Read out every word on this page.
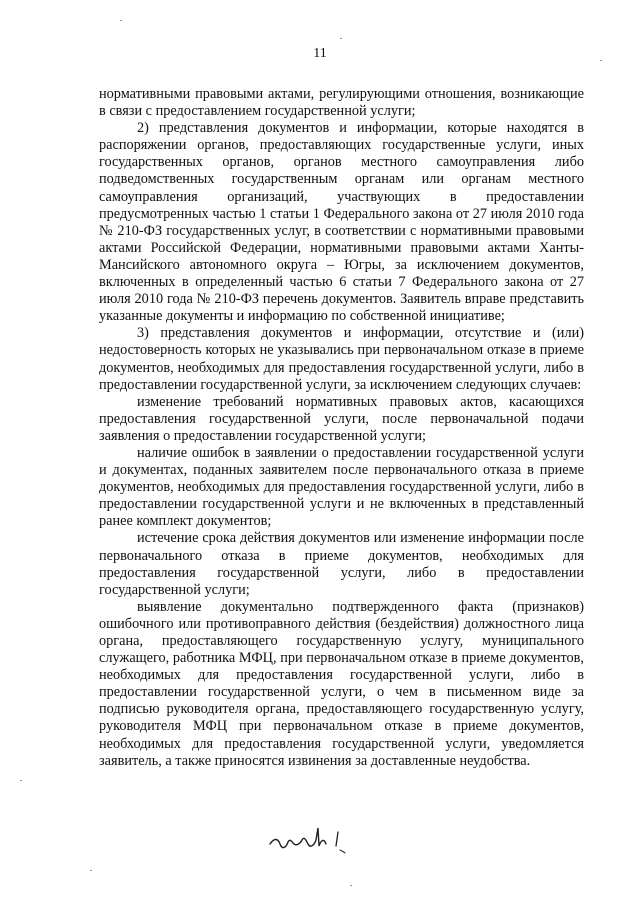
11

нормативными правовыми актами, регулирующими отношения, возникающие в связи с предоставлением государственной услуги;

2) представления документов и информации, которые находятся в распоряжении органов, предоставляющих государственные услуги, иных государственных органов, органов местного самоуправления либо подведомственных государственным органам или органам местного самоуправления организаций, участвующих в предоставлении предусмотренных частью 1 статьи 1 Федерального закона от 27 июля 2010 года № 210-ФЗ государственных услуг, в соответствии с нормативными правовыми актами Российской Федерации, нормативными правовыми актами Ханты-Мансийского автономного округа – Югры, за исключением документов, включенных в определенный частью 6 статьи 7 Федерального закона от 27 июля 2010 года № 210-ФЗ перечень документов. Заявитель вправе представить указанные документы и информацию по собственной инициативе;

3) представления документов и информации, отсутствие и (или) недостоверность которых не указывались при первоначальном отказе в приеме документов, необходимых для предоставления государственной услуги, либо в предоставлении государственной услуги, за исключением следующих случаев:

изменение требований нормативных правовых актов, касающихся предоставления государственной услуги, после первоначальной подачи заявления о предоставлении государственной услуги;

наличие ошибок в заявлении о предоставлении государственной услуги и документах, поданных заявителем после первоначального отказа в приеме документов, необходимых для предоставления государственной услуги, либо в предоставлении государственной услуги и не включенных в представленный ранее комплект документов;

истечение срока действия документов или изменение информации после первоначального отказа в приеме документов, необходимых для предоставления государственной услуги, либо в предоставлении государственной услуги;

выявление документально подтвержденного факта (признаков) ошибочного или противоправного действия (бездействия) должностного лица органа, предоставляющего государственную услугу, муниципального служащего, работника МФЦ, при первоначальном отказе в приеме документов, необходимых для предоставления государственной услуги, либо в предоставлении государственной услуги, о чем в письменном виде за подписью руководителя органа, предоставляющего государственную услугу, руководителя МФЦ при первоначальном отказе в приеме документов, необходимых для предоставления государственной услуги, уведомляется заявитель, а также приносятся извинения за доставленные неудобства.
